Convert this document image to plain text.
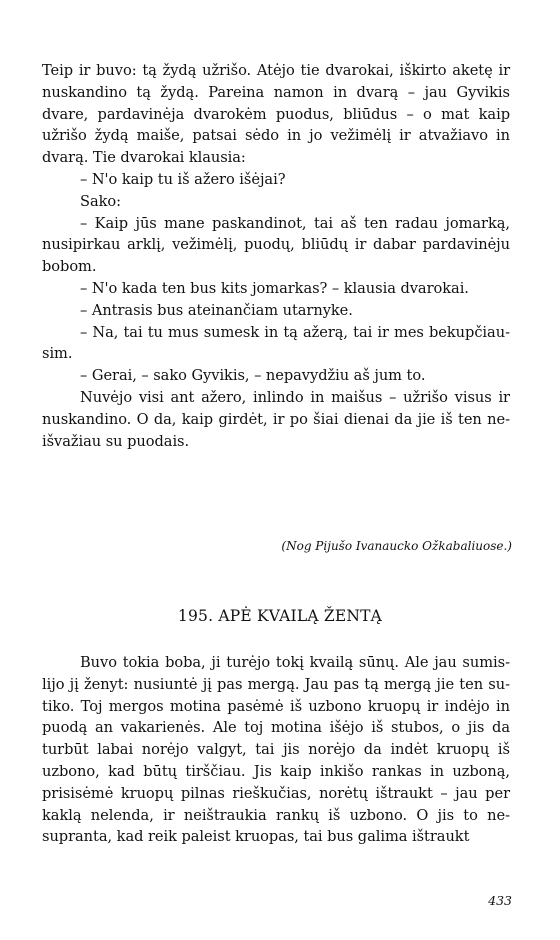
Teip ir buvo: tą žydą užrišo. Atėjo tie dvarokai, iškirto aketę ir nuskandino tą žydą. Pareina namon in dvarą – jau Gyvikis dvare, pardavinėja dvarokėm puodus, bliūdus – o mat kaip užrišo žydą maiše, patsai sėdo in jo vežimėlį ir atvažiavo in dvarą. Tie dvarokai klausia:

– N'o kaip tu iš ažero išėjai?

Sako:

– Kaip jūs mane paskandinot, tai aš ten radau jomarką, nusipirkau arklį, vežimėlį, puodų, bliūdų ir dabar pardavinėju bobom.

– N'o kada ten bus kits jomarkas? – klausia dvarokai.

– Antrasis bus ateinančiam utarnyke.

– Na, tai tu mus sumesk in tą ažerą, tai ir mes bekupčiausim.

– Gerai, – sako Gyvikis, – nepavydžiu aš jum to.

Nuvėjo visi ant ažero, inlindo in maišus – užrišo visus ir nuskandino. O da, kaip girdėt, ir po šiai dienai da jie iš ten neišvažiau su puodais.

(Nog Pijušo Ivanaucko Ožkabaliuose.)
195. APĖ KVAILĄ ŽENTĄ

Buvo tokia boba, ji turėjo tokį kvailą sūnų. Ale jau sumislijo jį ženyt: nusiuntė jį pas mergą. Jau pas tą mergą jie ten sutiko. Toj mergos motina pasėmė iš uzbono kruopų ir indėjo in puodą an vakarienės. Ale toj motina išėjo iš stubos, o jis da turbūt labai norėjo valgyt, tai jis norėjo da indėt kruopų iš uzbono, kad būtų tirščiau. Jis kaip inkišo rankas in uzboną, prisisėmė kruopų pilnas rieškučias, norėtų ištraukt – jau per kaklą nelenda, ir neištraukia rankų iš uzbono. O jis to nesupranta, kad reik paleist kruopas, tai bus galima ištraukt

433
